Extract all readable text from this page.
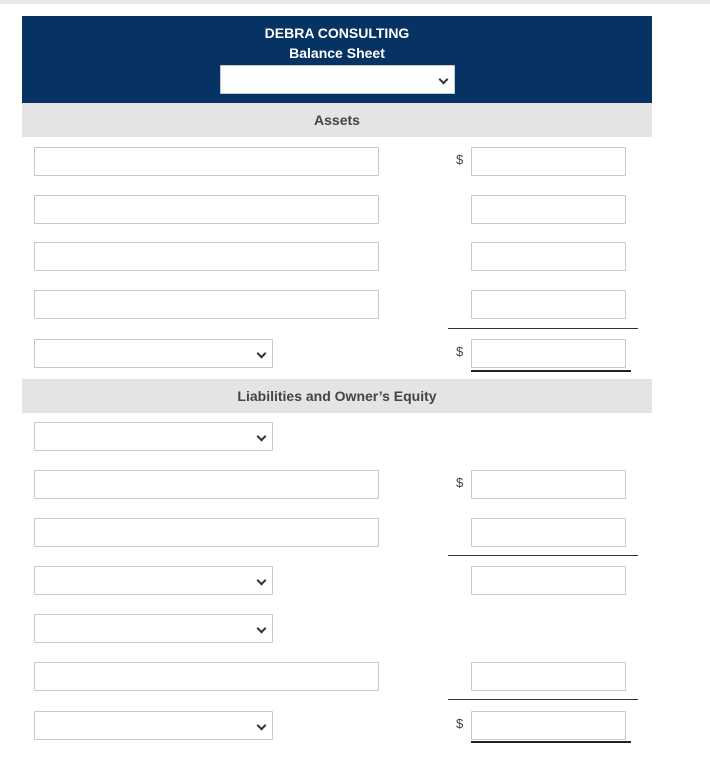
DEBRA CONSULTING
Balance Sheet
Assets
$
$
Liabilities and Owner’s Equity
$
$
